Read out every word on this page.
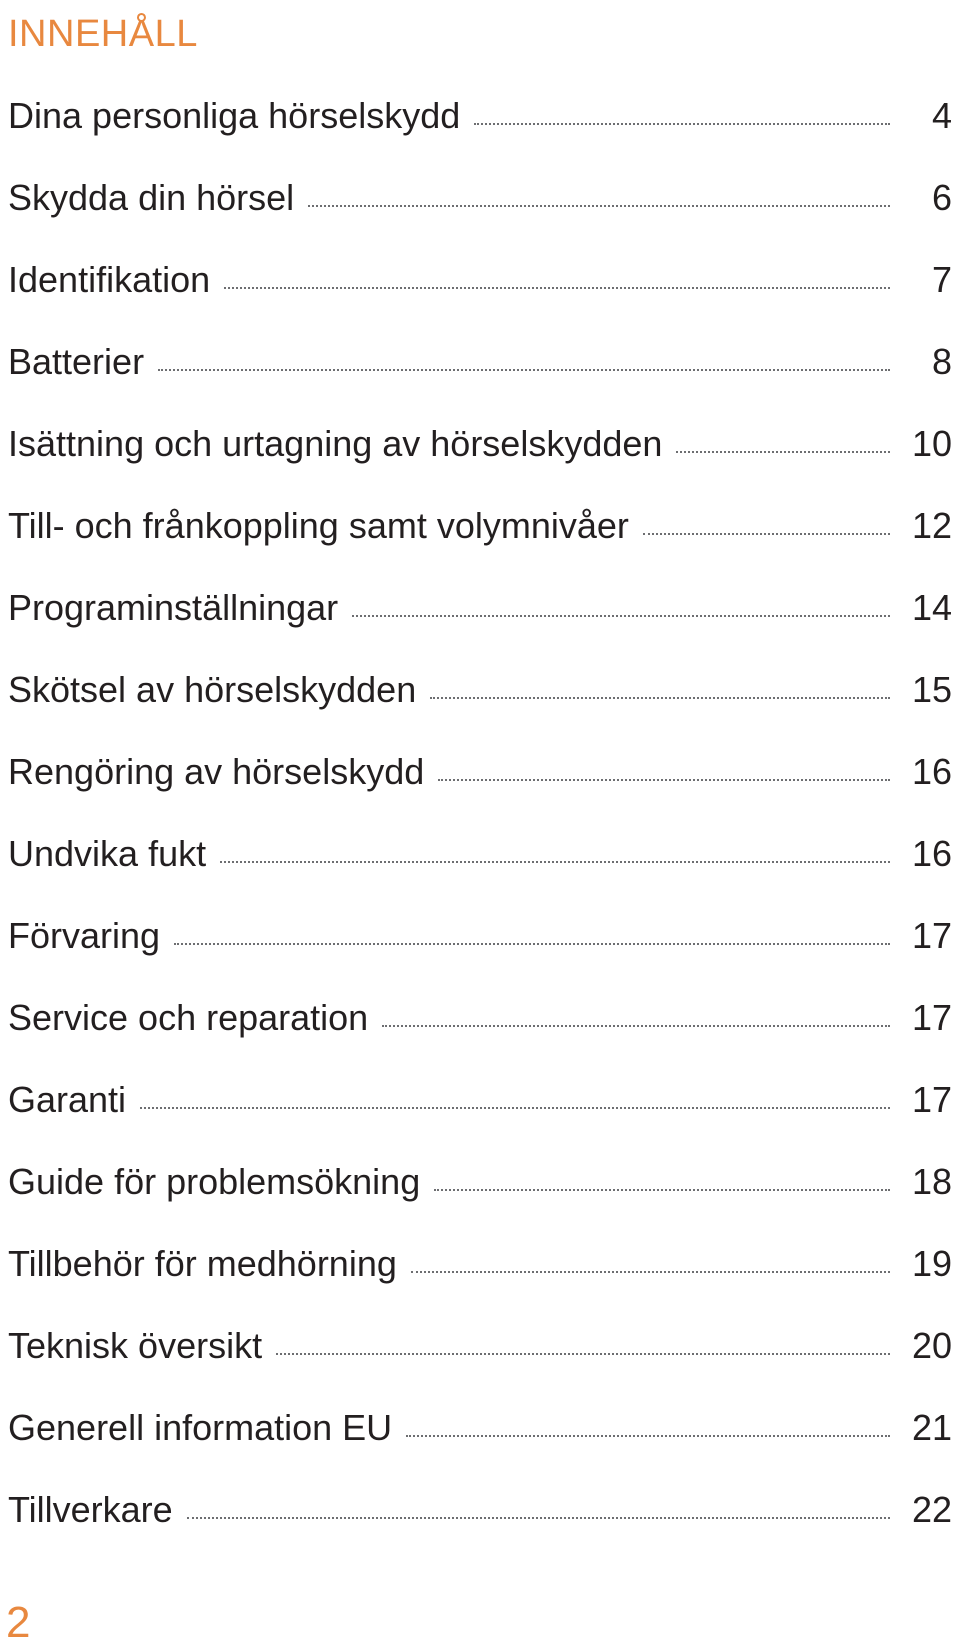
INNEHÅLL
Dina personliga hörselskydd	4
Skydda din hörsel	6
Identifikation	7
Batterier	8
Isättning och urtagning av hörselskydden	10
Till- och frånkoppling samt volymnivåer	12
Programinställningar	14
Skötsel av hörselskydden	15
Rengöring av hörselskydd	16
Undvika fukt	16
Förvaring	17
Service och reparation	17
Garanti	17
Guide för problemsökning	18
Tillbehör för medhörning	19
Teknisk översikt	20
Generell information EU	21
Tillverkare	22
2
